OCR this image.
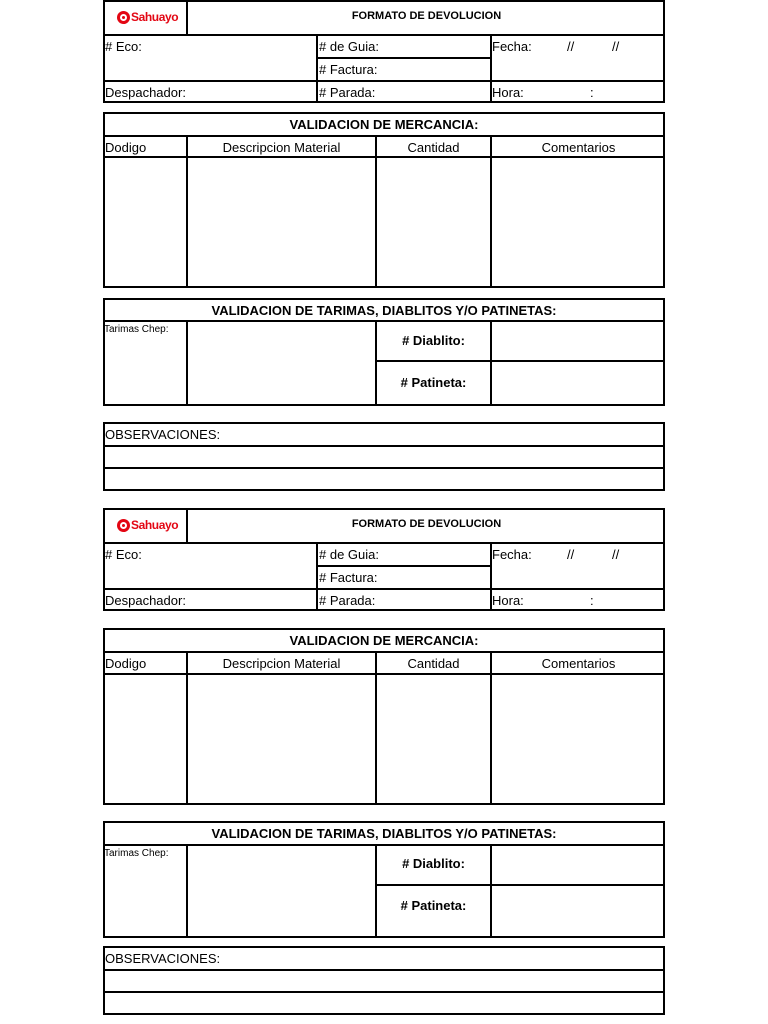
Sahuayo	FORMATO DE DEVOLUCION
# Eco:	# de Guia:	Fecha:	//	//
# Factura:
Despachador:	# Parada:	Hora:	:
VALIDACION DE MERCANCIA:
Dodigo	Descripcion Material	Cantidad	Comentarios
VALIDACION DE TARIMAS, DIABLITOS Y/O PATINETAS:
Tarimas Chep:
# Diablito:
# Patineta:
OBSERVACIONES:
Sahuayo	FORMATO DE DEVOLUCION
# Eco:	# de Guia:	Fecha:	//	//
# Factura:
Despachador:	# Parada:	Hora:	:
VALIDACION DE MERCANCIA:
Dodigo	Descripcion Material	Cantidad	Comentarios
VALIDACION DE TARIMAS, DIABLITOS Y/O PATINETAS:
Tarimas Chep:
# Diablito:
# Patineta:
OBSERVACIONES:
